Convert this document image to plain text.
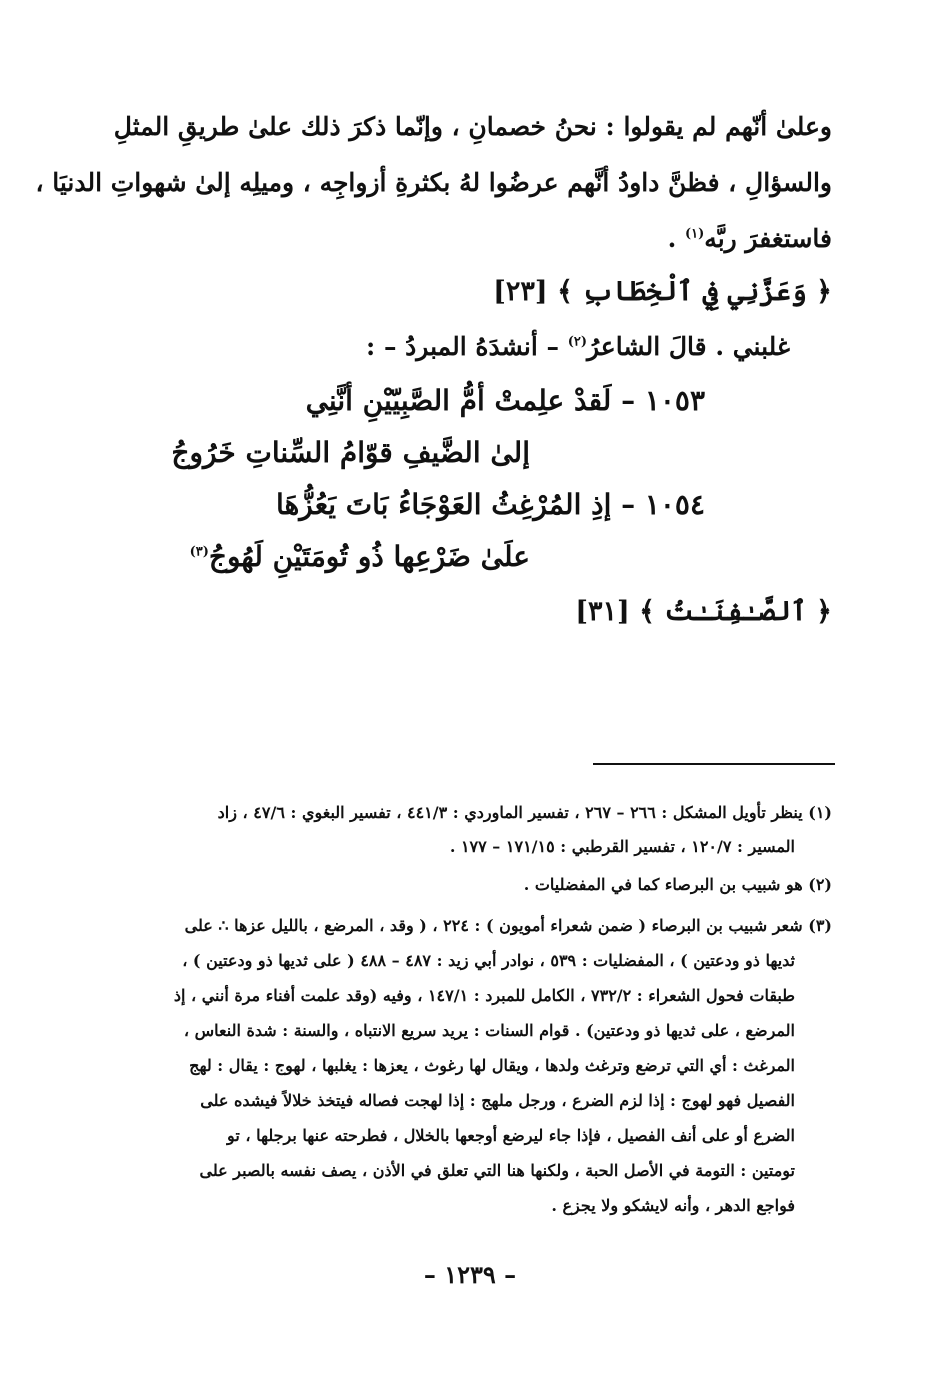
وعلىٰ أنّهم لم يقولوا : نحنُ خصمانِ ، وإنّما ذكرَ ذلك علىٰ طريقِ المثلِ
والسؤالِ ، فظنَّ داودُ أنَّهم عرضُوا لهُ بكثرةِ أزواجِه ، وميلِه إلىٰ شهواتِ الدنيَا ،
فاستغفرَ ربَّه$^{(١)}$ .
﴿ وَعَزَّنِي فِي ٱلْخِطَابِ ﴾ [٢٣]
غلبني . قالَ الشاعرُ$^{(٢)}$ – أنشدَهُ المبردُ – :
١٠٥٣ – لَقدْ علِمتْ أمُّ الصَّبِيّيْنِ أنَّنِي
إلىٰ الضَّيفِ قوّامُ السِّناتِ خَرُوجُ
١٠٥٤ – إذِ المُرْغِثُ العَوْجَاءُ بَاتَ يَعُزُّهَا
علَىٰ ضَرْعِها ذُو تُومَتَيْنِ لَهُوجُ$^{(٣)}$
﴿ ٱلصَّـٰفِنَـٰتُ ﴾ [٣١]
(١) ينظر تأويل المشكل : ٢٦٦ – ٢٦٧ ، تفسير الماوردي : ٤٤١/٣ ، تفسير البغوي : ٤٧/٦ ، زاد
المسير : ١٢٠/٧ ، تفسير القرطبي : ١٧١/١٥ – ١٧٧ .
(٢) هو شبيب بن البرصاء كما في المفضليات .
(٣) شعر شبيب بن البرصاء ( ضمن شعراء أمويون ) : ٢٢٤ ، ( وقد ، المرضع ، بالليل عزها ∴ على
ثديها ذو ودعتين ) ، المفضليات : ٥٣٩ ، نوادر أبي زيد : ٤٨٧ – ٤٨٨ ( على ثديها ذو ودعتين ) ،
طبقات فحول الشعراء : ٧٣٢/٢ ، الكامل للمبرد : ١٤٧/١ ، وفيه (وقد علمت أفناء مرة أنني ، إذ
المرضع ، على ثديها ذو ودعتين) . قوام السنات : يريد سريع الانتباه ، والسنة : شدة النعاس ،
المرغث : أي التي ترضع وترغث ولدها ، ويقال لها رغوث ، يعزها : يغلبها ، لهوج : يقال : لهج
الفصيل فهو لهوج : إذا لزم الضرع ، ورجل ملهج : إذا لهجت فصاله فيتخذ خلالاً فيشده على
الضرع أو على أنف الفصيل ، فإذا جاء ليرضع أوجعها بالخلال ، فطرحته عنها برجلها ، تو
تومتين : التومة في الأصل الحبة ، ولكنها هنا التي تعلق في الأذن ، يصف نفسه بالصبر على
فواجع الدهر ، وأنه لايشكو ولا يجزع .
– ١٢٣٩ –
